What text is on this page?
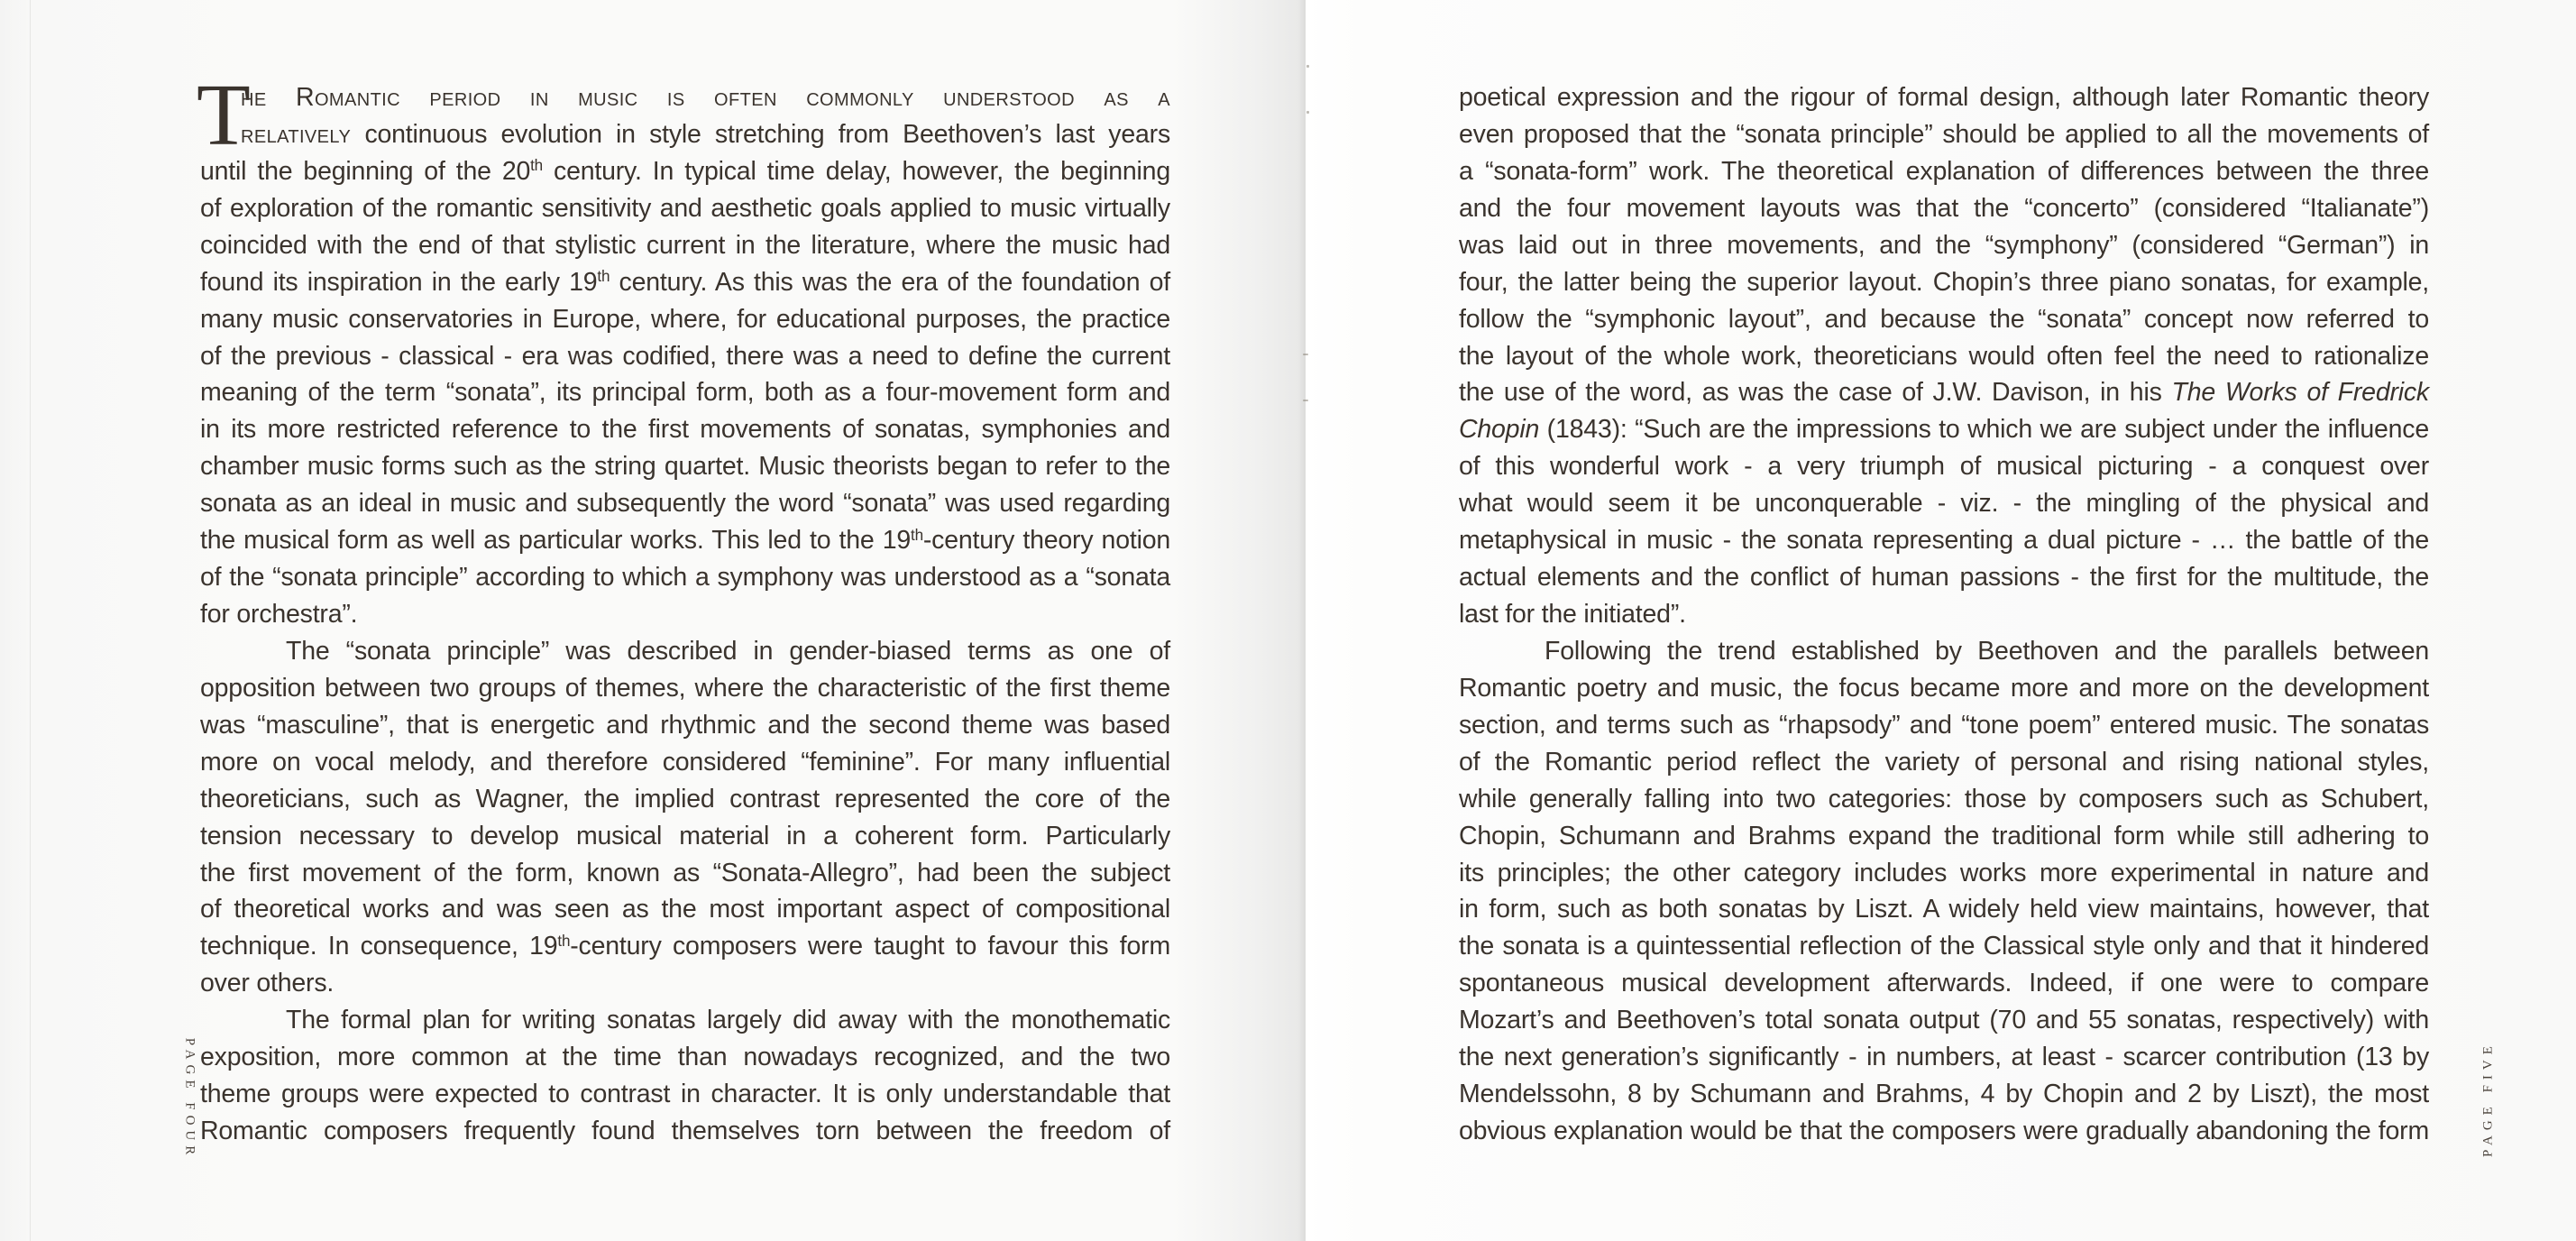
T
he Romantic period in music is often commonly understood as a
relatively continuous evolution in style stretching from Beethoven’s last years
until the beginning of the 20th century. In typical time delay, however, the beginning
of exploration of the romantic sensitivity and aesthetic goals applied to music virtually
coincided with the end of that stylistic current in the literature, where the music had
found its inspiration in the early 19th century. As this was the era of the foundation of
many music conservatories in Europe, where, for educational purposes, the practice
of the previous - classical - era was codified, there was a need to define the current
meaning of the term “sonata”, its principal form, both as a four-movement form and
in its more restricted reference to the first movements of sonatas, symphonies and
chamber music forms such as the string quartet. Music theorists began to refer to the
sonata as an ideal in music and subsequently the word “sonata” was used regarding
the musical form as well as particular works. This led to the 19th-century theory notion
of the “sonata principle” according to which a symphony was understood as a “sonata
for orchestra”.
The “sonata principle” was described in gender-biased terms as one of
opposition between two groups of themes, where the characteristic of the first theme
was “masculine”, that is energetic and rhythmic and the second theme was based
more on vocal melody, and therefore considered “feminine”. For many influential
theoreticians, such as Wagner, the implied contrast represented the core of the
tension necessary to develop musical material in a coherent form. Particularly
the first movement of the form, known as “Sonata-Allegro”, had been the subject
of theoretical works and was seen as the most important aspect of compositional
technique. In consequence, 19th-century composers were taught to favour this form
over others.
The formal plan for writing sonatas largely did away with the monothematic
exposition, more common at the time than nowadays recognized, and the two
theme groups were expected to contrast in character. It is only understandable that
Romantic composers frequently found themselves torn between the freedom of
PAGE FOUR
poetical expression and the rigour of formal design, although later Romantic theory
even proposed that the “sonata principle” should be applied to all the movements of
a “sonata-form” work. The theoretical explanation of differences between the three
and the four movement layouts was that the “concerto” (considered “Italianate”)
was laid out in three movements, and the “symphony” (considered “German”) in
four, the latter being the superior layout. Chopin’s three piano sonatas, for example,
follow the “symphonic layout”, and because the “sonata” concept now referred to
the layout of the whole work, theoreticians would often feel the need to rationalize
the use of the word, as was the case of J.W. Davison, in his The Works of Fredrick
Chopin (1843): “Such are the impressions to which we are subject under the influence
of this wonderful work - a very triumph of musical picturing - a conquest over
what would seem it be unconquerable - viz. - the mingling of the physical and
metaphysical in music - the sonata representing a dual picture - … the battle of the
actual elements and the conflict of human passions - the first for the multitude, the
last for the initiated”.
Following the trend established by Beethoven and the parallels between
Romantic poetry and music, the focus became more and more on the development
section, and terms such as “rhapsody” and “tone poem” entered music. The sonatas
of the Romantic period reflect the variety of personal and rising national styles,
while generally falling into two categories: those by composers such as Schubert,
Chopin, Schumann and Brahms expand the traditional form while still adhering to
its principles; the other category includes works more experimental in nature and
in form, such as both sonatas by Liszt. A widely held view maintains, however, that
the sonata is a quintessential reflection of the Classical style only and that it hindered
spontaneous musical development afterwards. Indeed, if one were to compare
Mozart’s and Beethoven’s total sonata output (70 and 55 sonatas, respectively) with
the next generation’s significantly - in numbers, at least - scarcer contribution (13 by
Mendelssohn, 8 by Schumann and Brahms, 4 by Chopin and 2 by Liszt), the most
obvious explanation would be that the composers were gradually abandoning the form	PAGE FIVE
